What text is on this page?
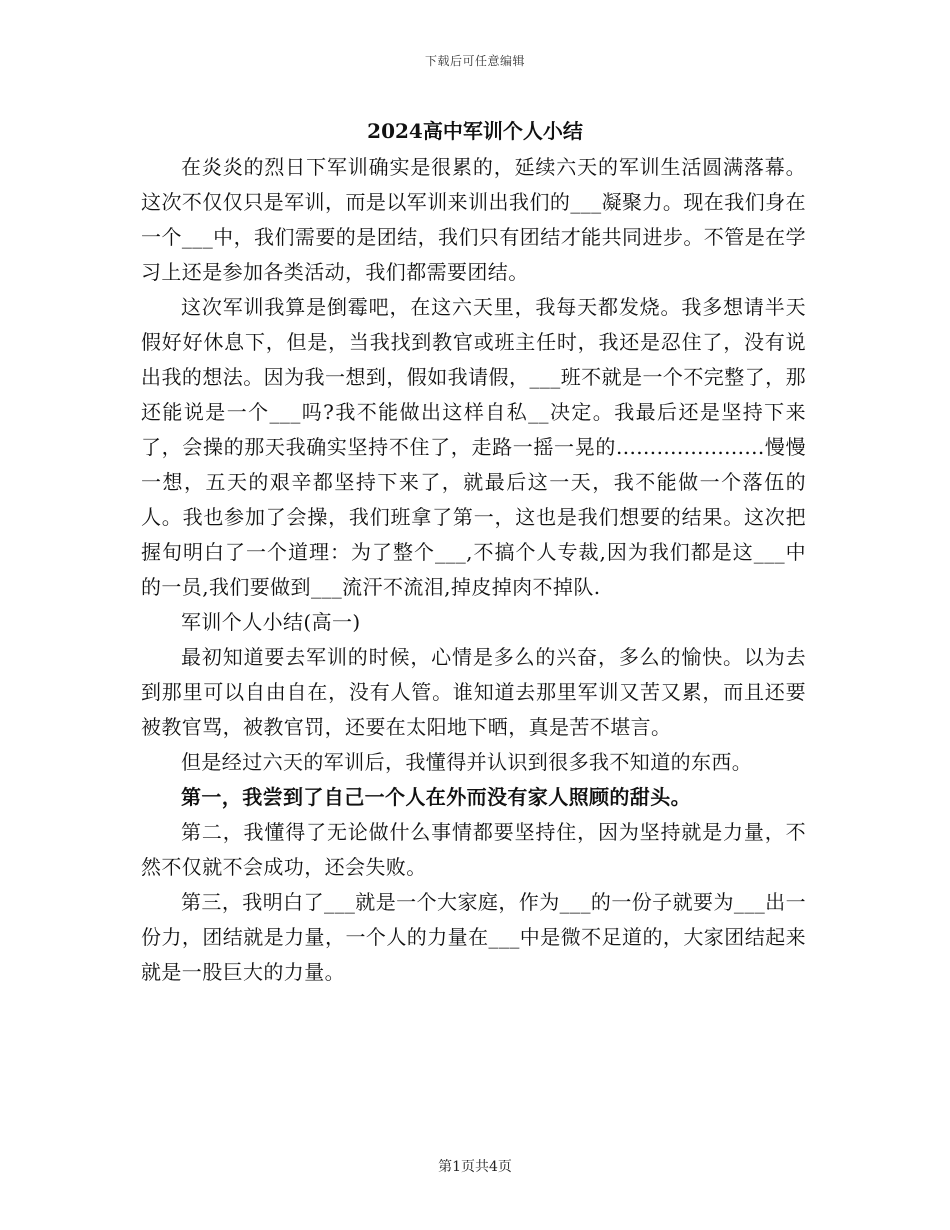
下载后可任意编辑
2024高中军训个人小结

在炎炎的烈日下军训确实是很累的，延续六天的军训生活圆满落幕。这次不仅仅只是军训，而是以军训来训出我们的___凝聚力。现在我们身在一个___中，我们需要的是团结，我们只有团结才能共同进步。不管是在学习上还是参加各类活动，我们都需要团结。

这次军训我算是倒霉吧，在这六天里，我每天都发烧。我多想请半天假好好休息下，但是，当我找到教官或班主任时，我还是忍住了，没有说出我的想法。因为我一想到，假如我请假，___班不就是一个不完整了，那还能说是一个___吗?我不能做出这样自私__决定。我最后还是坚持下来了，会操的那天我确实坚持不住了，走路一摇一晃的......................慢慢一想，五天的艰辛都坚持下来了，就最后这一天，我不能做一个落伍的人。我也参加了会操，我们班拿了第一，这也是我们想要的结果。这次把握旬明白了一个道理：为了整个___,不搞个人专裁,因为我们都是这___中的一员,我们要做到___流汗不流泪,掉皮掉肉不掉队.

军训个人小结(高一)

最初知道要去军训的时候，心情是多么的兴奋，多么的愉快。以为去到那里可以自由自在，没有人管。谁知道去那里军训又苦又累，而且还要被教官骂，被教官罚，还要在太阳地下晒，真是苦不堪言。

但是经过六天的军训后，我懂得并认识到很多我不知道的东西。

第一，我尝到了自己一个人在外而没有家人照顾的甜头。

第二，我懂得了无论做什么事情都要坚持住，因为坚持就是力量，不然不仅就不会成功，还会失败。

第三，我明白了___就是一个大家庭，作为___的一份子就要为___出一份力，团结就是力量，一个人的力量在___中是微不足道的，大家团结起来就是一股巨大的力量。

第1页共4页
